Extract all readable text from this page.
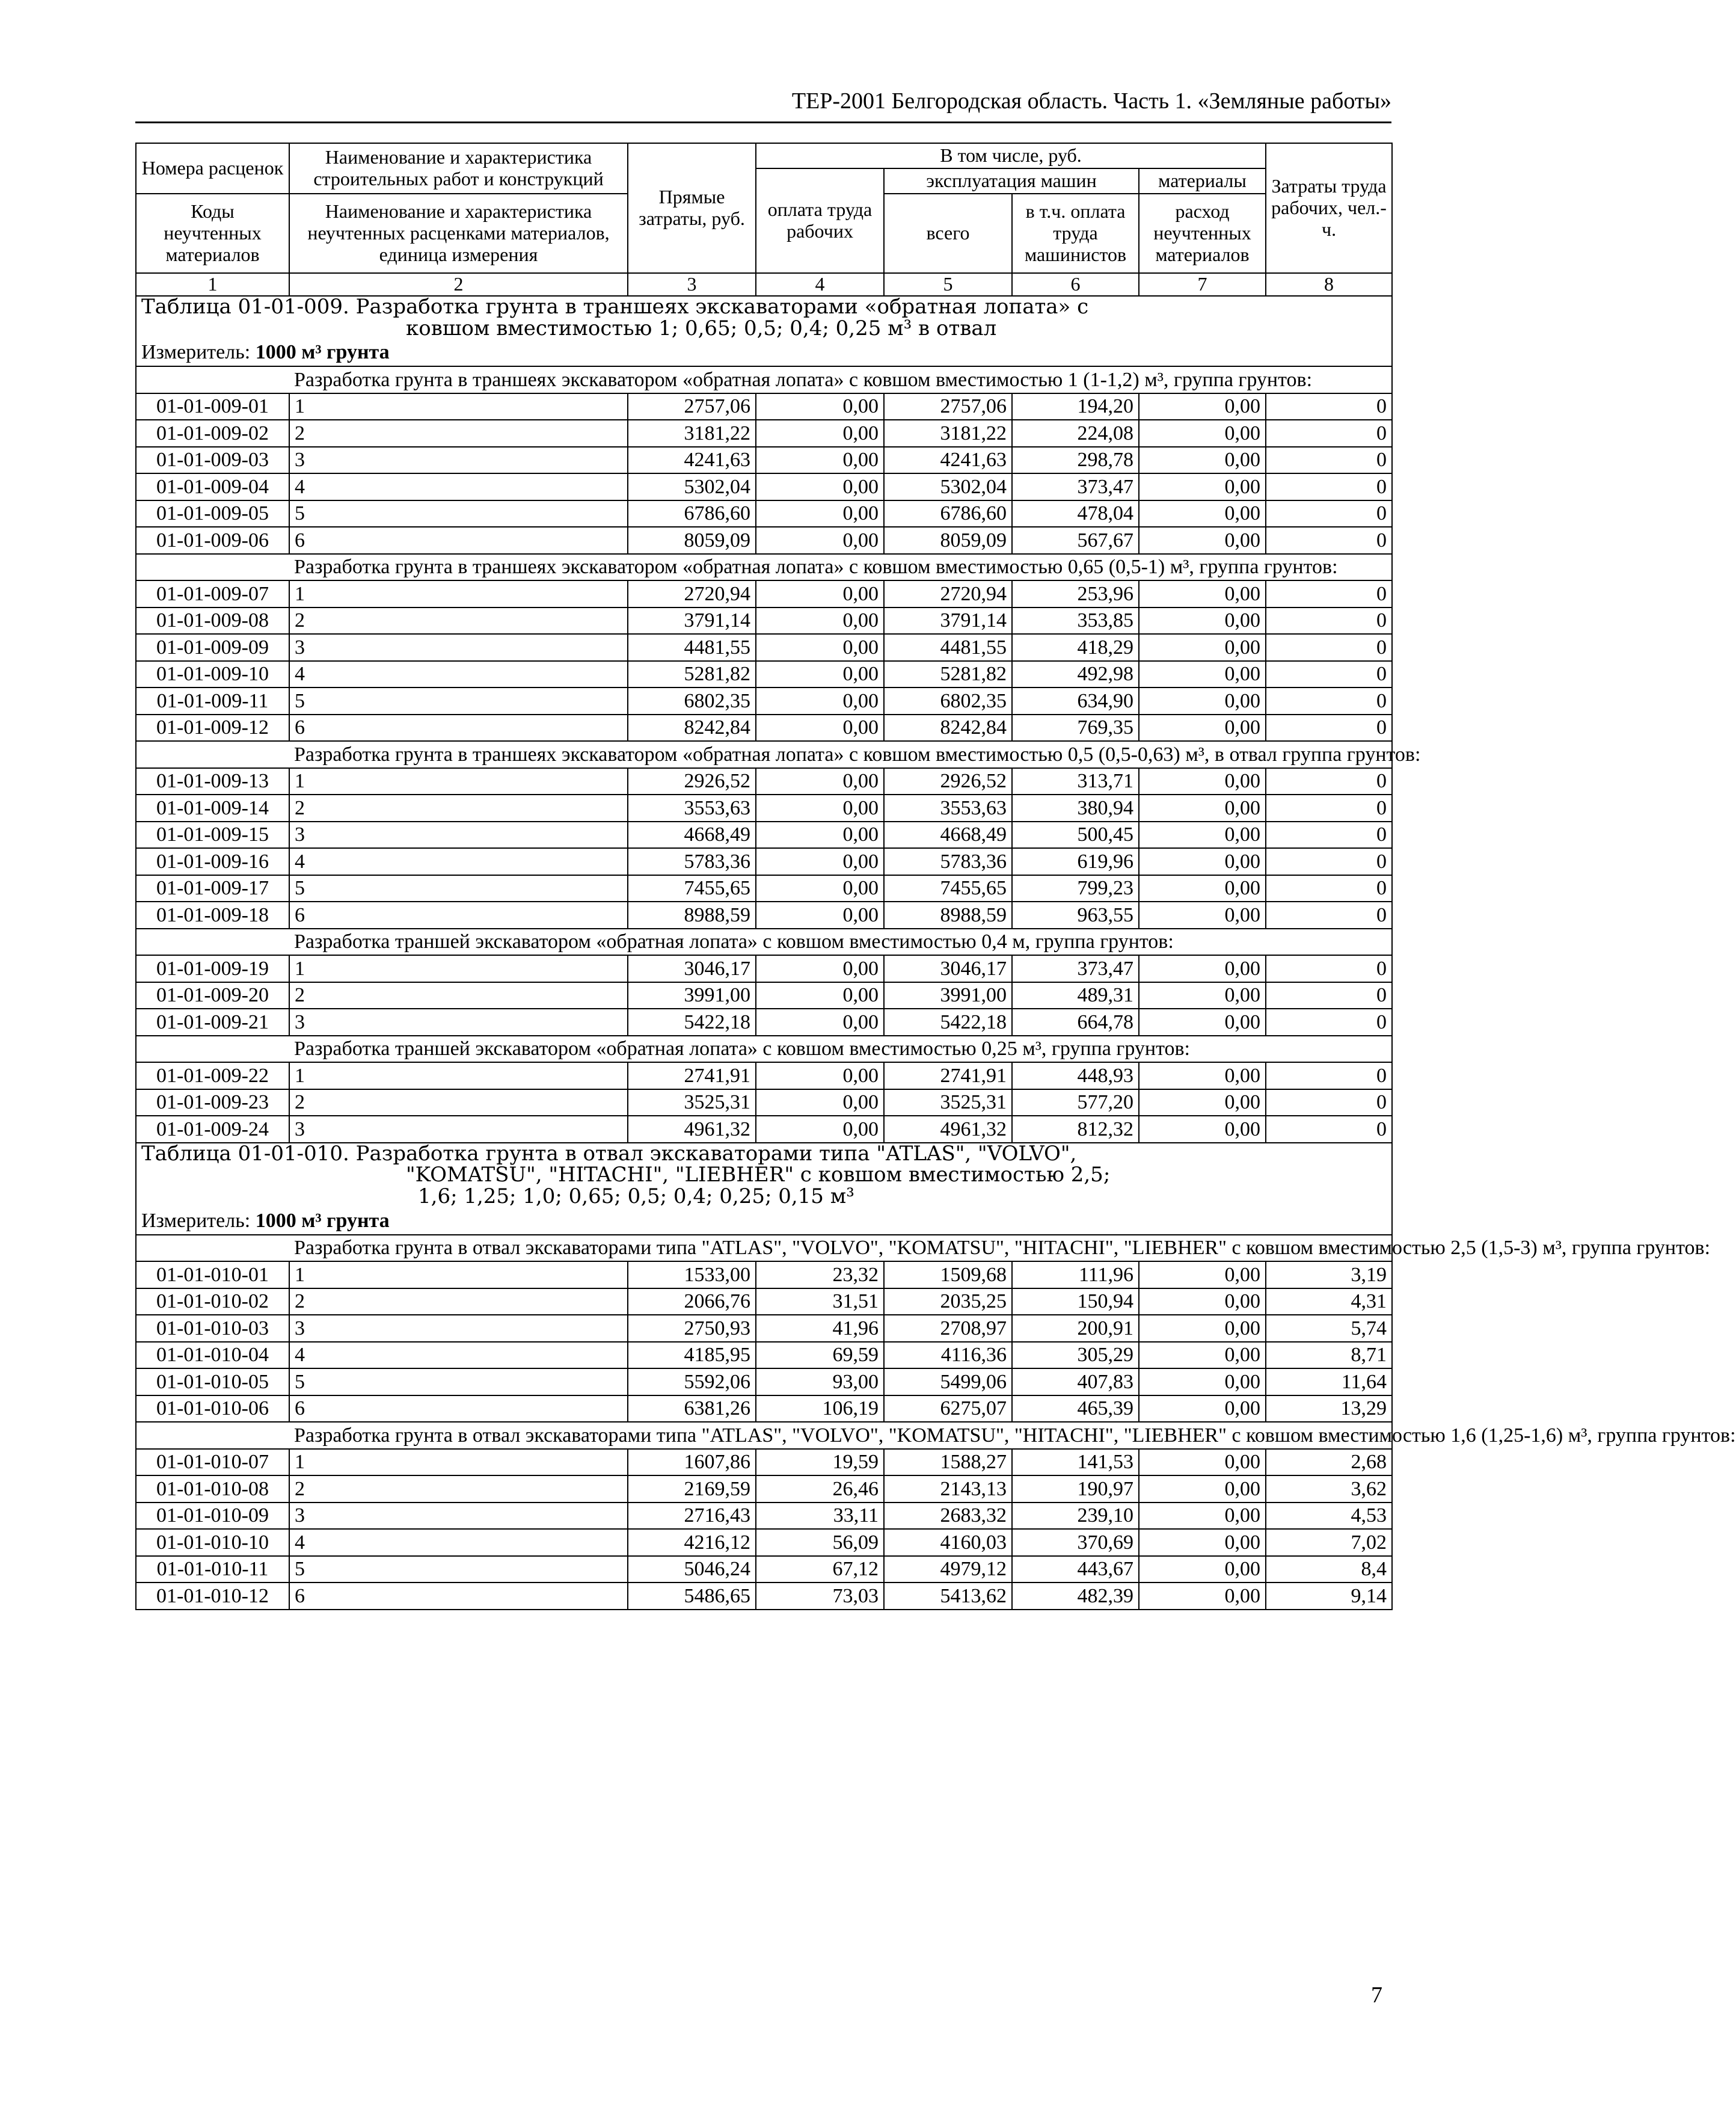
ТЕР-2001 Белгородская область. Часть 1. «Земляные работы»
Номера расценок	Наименование и характеристика строительных работ и конструкций	Прямые затраты, руб.	В том числе, руб.				Затраты труда рабочих, чел.-ч.
			оплата труда рабочих	эксплуатация машин		материалы	
Коды неучтенных материалов	Наименование и характеристика неучтенных расценками материалов, единица измерения			всего	в т.ч. оплата труда машинистов	расход неучтенных материалов	
1	2	3	4	5	6	7	8

Таблица 01-01-009. Разработка грунта в траншеях экскаваторами «обратная лопата» с
ковшом вместимостью 1; 0,65; 0,5; 0,4; 0,25 м³ в отвал							

Измеритель: 1000 м³ грунта							
	Разработка грунта в траншеях экскаватором «обратная лопата» с ковшом вместимостью 1 (1-1,2) м³, группа грунтов:						
01-01-009-01	1	2757,06	0,00	2757,06	194,20	0,00	0
01-01-009-02	2	3181,22	0,00	3181,22	224,08	0,00	0
01-01-009-03	3	4241,63	0,00	4241,63	298,78	0,00	0
01-01-009-04	4	5302,04	0,00	5302,04	373,47	0,00	0
01-01-009-05	5	6786,60	0,00	6786,60	478,04	0,00	0
01-01-009-06	6	8059,09	0,00	8059,09	567,67	0,00	0
	Разработка грунта в траншеях экскаватором «обратная лопата» с ковшом вместимостью 0,65 (0,5-1) м³, группа грунтов:						
01-01-009-07	1	2720,94	0,00	2720,94	253,96	0,00	0
01-01-009-08	2	3791,14	0,00	3791,14	353,85	0,00	0
01-01-009-09	3	4481,55	0,00	4481,55	418,29	0,00	0
01-01-009-10	4	5281,82	0,00	5281,82	492,98	0,00	0
01-01-009-11	5	6802,35	0,00	6802,35	634,90	0,00	0
01-01-009-12	6	8242,84	0,00	8242,84	769,35	0,00	0
	Разработка грунта в траншеях экскаватором «обратная лопата» с ковшом вместимостью 0,5 (0,5-0,63) м³, в отвал группа грунтов:						
01-01-009-13	1	2926,52	0,00	2926,52	313,71	0,00	0
01-01-009-14	2	3553,63	0,00	3553,63	380,94	0,00	0
01-01-009-15	3	4668,49	0,00	4668,49	500,45	0,00	0
01-01-009-16	4	5783,36	0,00	5783,36	619,96	0,00	0
01-01-009-17	5	7455,65	0,00	7455,65	799,23	0,00	0
01-01-009-18	6	8988,59	0,00	8988,59	963,55	0,00	0
	Разработка траншей экскаватором «обратная лопата» с ковшом вместимостью 0,4 м, группа грунтов:						
01-01-009-19	1	3046,17	0,00	3046,17	373,47	0,00	0
01-01-009-20	2	3991,00	0,00	3991,00	489,31	0,00	0
01-01-009-21	3	5422,18	0,00	5422,18	664,78	0,00	0
	Разработка траншей экскаватором «обратная лопата» с ковшом вместимостью 0,25 м³, группа грунтов:						
01-01-009-22	1	2741,91	0,00	2741,91	448,93	0,00	0
01-01-009-23	2	3525,31	0,00	3525,31	577,20	0,00	0
01-01-009-24	3	4961,32	0,00	4961,32	812,32	0,00	0

Таблица 01-01-010. Разработка грунта в отвал экскаваторами типа "ATLAS", "VOLVO",
"KOMATSU", "HITACHI", "LIEBHER" с ковшом вместимостью 2,5;
1,6; 1,25; 1,0; 0,65; 0,5; 0,4; 0,25; 0,15 м³							

Измеритель: 1000 м³ грунта							
	Разработка грунта в отвал экскаваторами типа "ATLAS", "VOLVO", "KOMATSU", "HITACHI", "LIEBHER" с ковшом вместимостью 2,5 (1,5-3) м³, группа грунтов:						
01-01-010-01	1	1533,00	23,32	1509,68	111,96	0,00	3,19
01-01-010-02	2	2066,76	31,51	2035,25	150,94	0,00	4,31
01-01-010-03	3	2750,93	41,96	2708,97	200,91	0,00	5,74
01-01-010-04	4	4185,95	69,59	4116,36	305,29	0,00	8,71
01-01-010-05	5	5592,06	93,00	5499,06	407,83	0,00	11,64
01-01-010-06	6	6381,26	106,19	6275,07	465,39	0,00	13,29
	Разработка грунта в отвал экскаваторами типа "ATLAS", "VOLVO", "KOMATSU", "HITACHI", "LIEBHER" с ковшом вместимостью 1,6 (1,25-1,6) м³, группа грунтов:						
01-01-010-07	1	1607,86	19,59	1588,27	141,53	0,00	2,68
01-01-010-08	2	2169,59	26,46	2143,13	190,97	0,00	3,62
01-01-010-09	3	2716,43	33,11	2683,32	239,10	0,00	4,53
01-01-010-10	4	4216,12	56,09	4160,03	370,69	0,00	7,02
01-01-010-11	5	5046,24	67,12	4979,12	443,67	0,00	8,4
01-01-010-12	6	5486,65	73,03	5413,62	482,39	0,00	9,14
7
